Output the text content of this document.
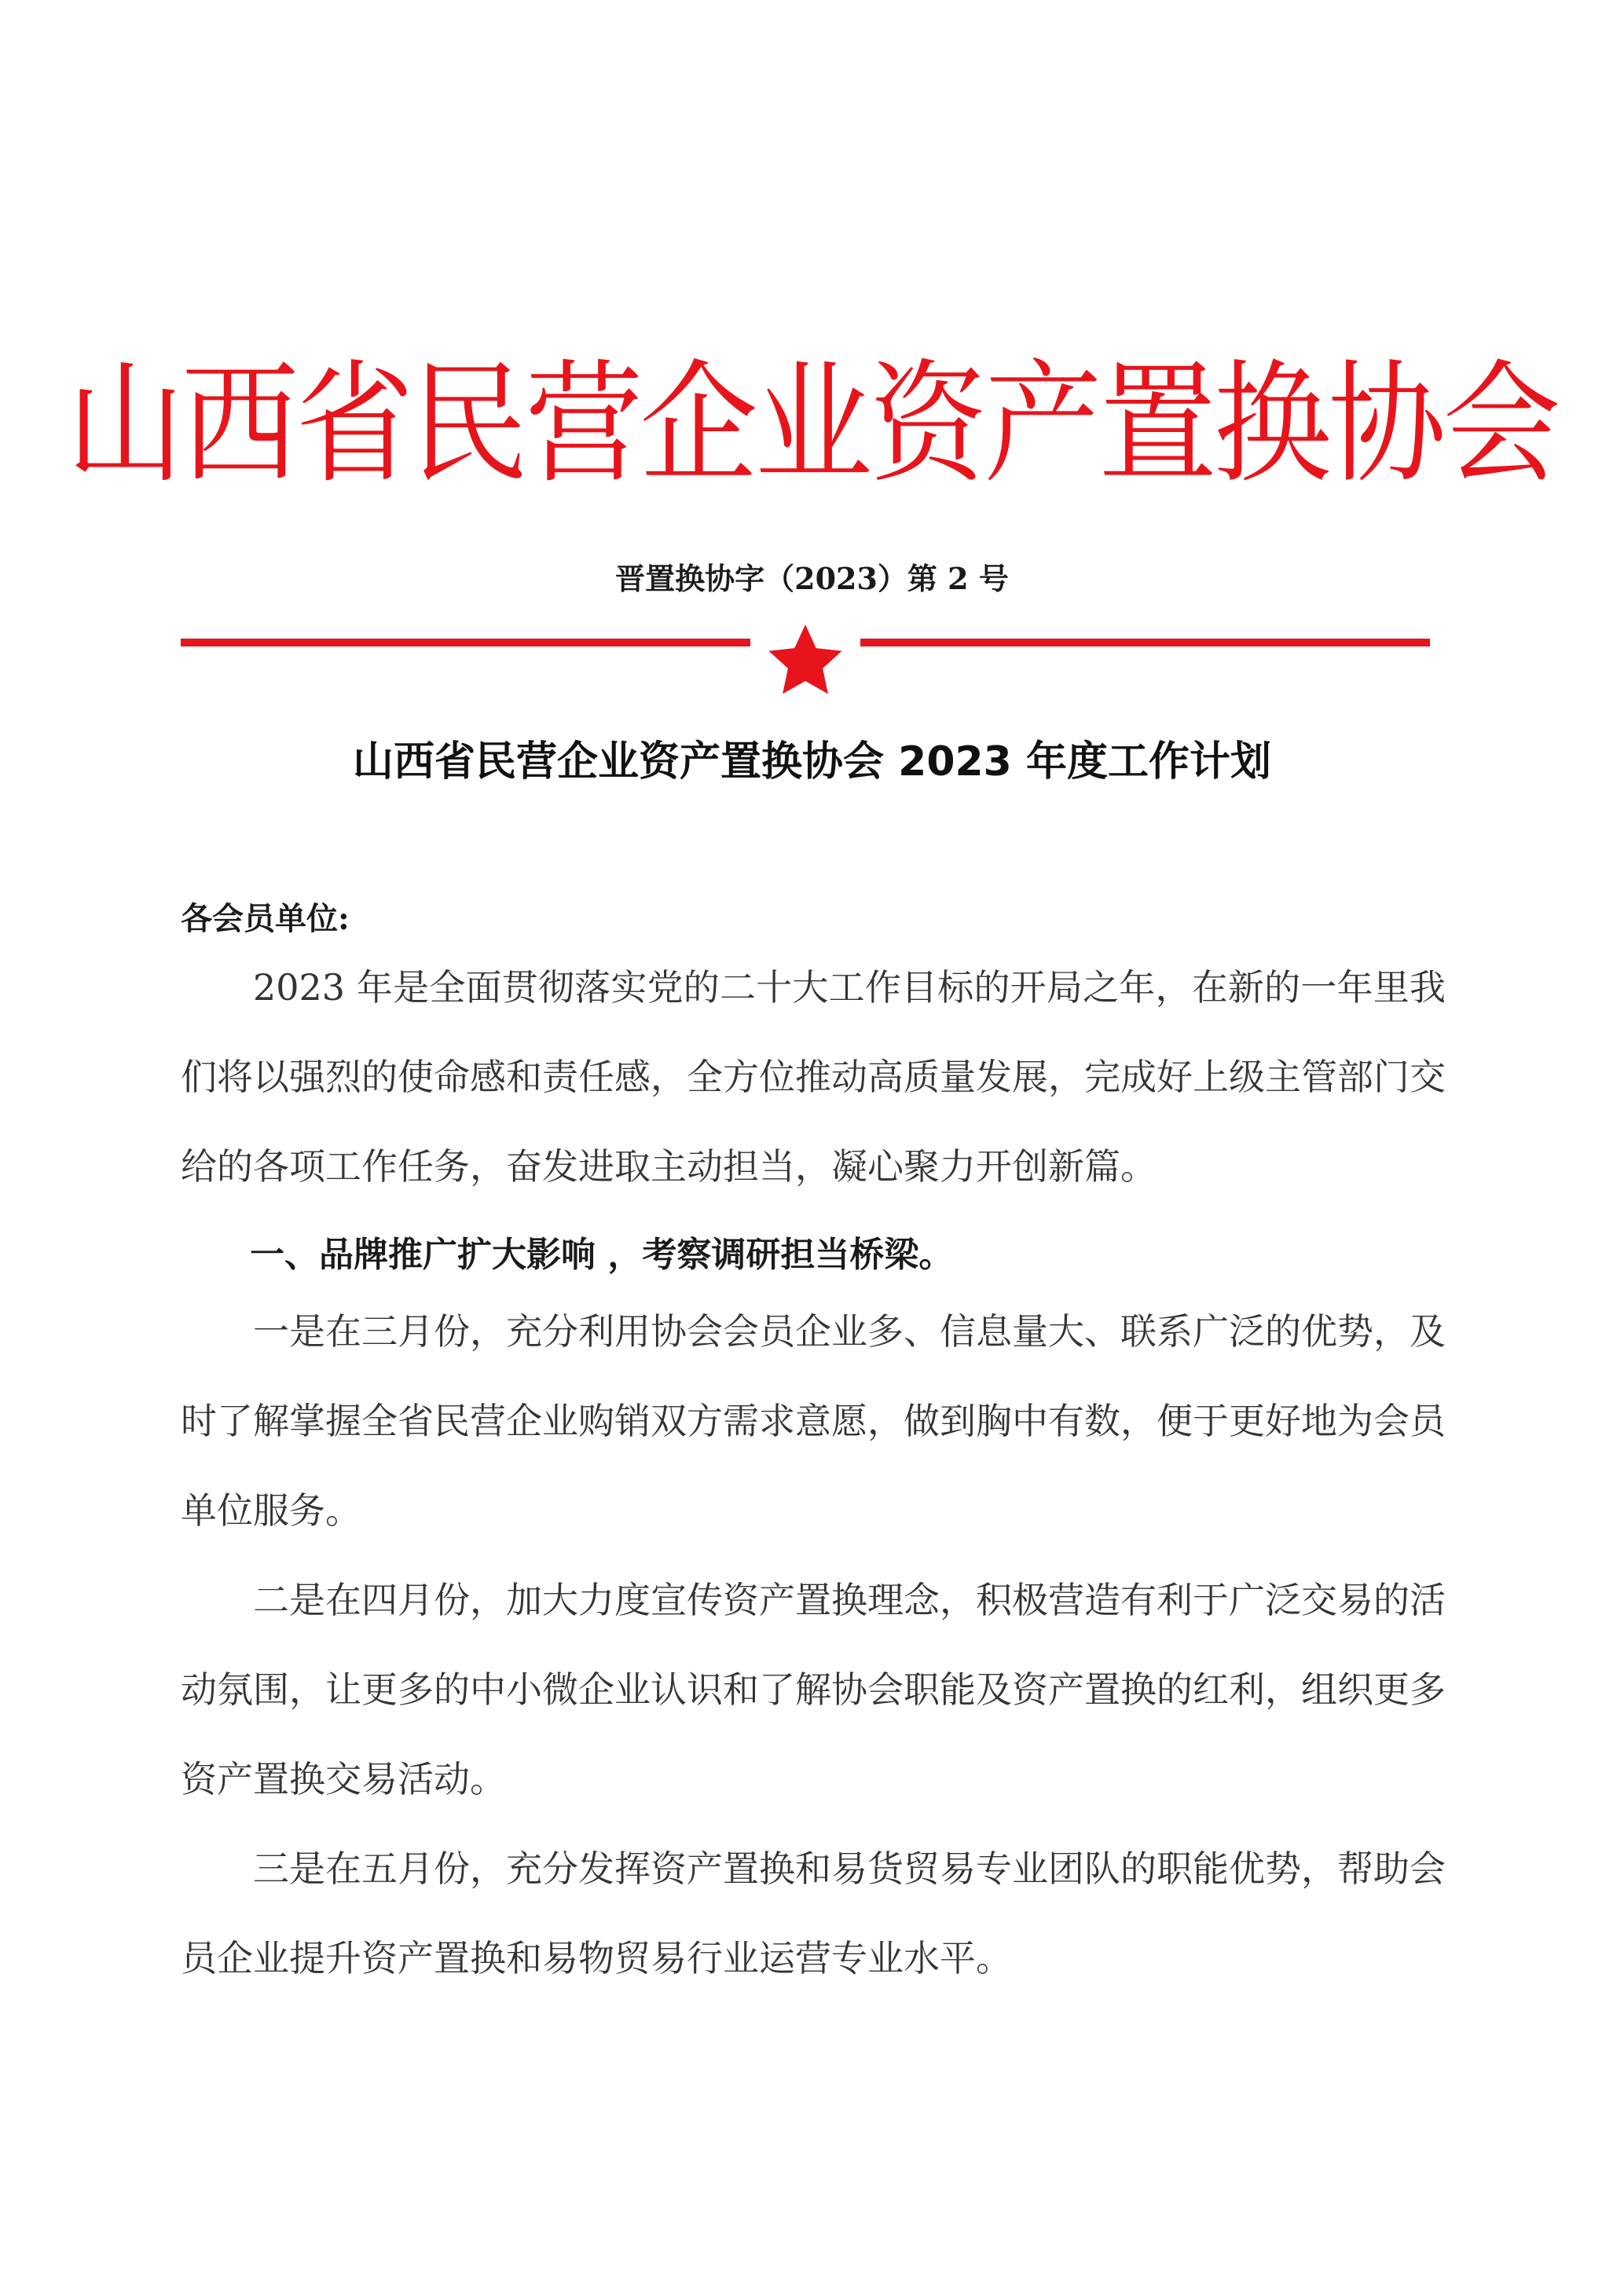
山西省民营企业资产置换协会
晋置换协字（2023）第 2 号
山西省民营企业资产置换协会 2023 年度工作计划

各会员单位:

2023 年是全面贯彻落实党的二十大工作目标的开局之年，在新的一年里我们将以强烈的使命感和责任感，全方位推动高质量发展，完成好上级主管部门交给的各项工作任务，奋发进取主动担当，凝心聚力开创新篇。

一、品牌推广扩大影响 ，考察调研担当桥梁。

一是在三月份，充分利用协会会员企业多、信息量大、联系广泛的优势，及时了解掌握全省民营企业购销双方需求意愿，做到胸中有数，便于更好地为会员单位服务。

二是在四月份，加大力度宣传资产置换理念，积极营造有利于广泛交易的活动氛围，让更多的中小微企业认识和了解协会职能及资产置换的红利，组织更多资产置换交易活动。

三是在五月份，充分发挥资产置换和易货贸易专业团队的职能优势，帮助会员企业提升资产置换和易物贸易行业运营专业水平。
